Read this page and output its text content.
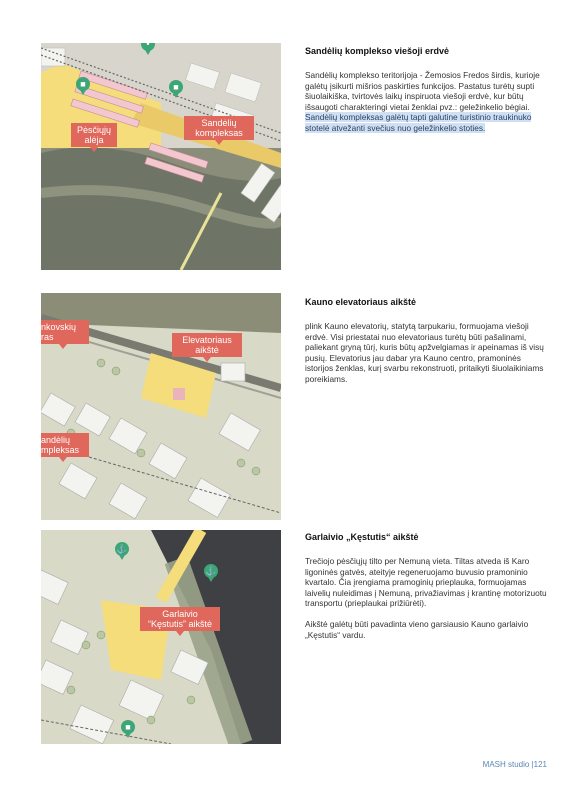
■	■
•
Pėsčiųjų alėja
Sandėlių kompleksas
Sandėlių komplekso viešoji erdvė

Sandėlių komplekso teritorijoja - Žemosios Fredos širdis, kurioje galėtų įsikurti mišrios paskirties funkcijos. Pastatus turėtų supti šiuolaikiška, tvirtovės laikų inspiruota viešoji erdvė, kur būtų išsaugoti charakteringi vietai ženklai pvz.: geležinkelio bėgiai. Sandėlių kompleksas galėtų tapti galutine turistinio traukinuko stotelė atvežanti svečius nuo geležinkelio stoties.

nkovskių ras	Elevatoriaus aikštė
andėlių mpleksas
Kauno elevatoriaus aikštė

plink Kauno elevatorių, statytą tarpukariu, formuojama viešoji erdvė. Visi priestatai nuo elevatoriaus turėtų būti pašalinami, paliekant gryną tūrį, kuris būtų apžvelgiamas ir apeinamas iš visų pusių. Elevatorius jau dabar yra Kauno centro, pramoninės istorijos ženklas, kurį svarbu rekonstruoti, pritaikyti šiuolaikiniams poreikiams.

⚓
⚓
■
Garlaivio “Kęstutis” aikštė
Garlaivio „Kęstutis“ aikštė

Trečiojo pėsčiųjų tilto per Nemuną vieta. Tiltas atveda iš Karo ligoninės gatvės, ateityje regeneruojamo buvusio pramoninio kvartalo. Čia įrengiama pramoginių prieplauka, formuojamas laivelių nuleidimas į Nemuną, privažiavimas į krantinę motorizuotu transportu (prieplaukai prižiūrėti).

Aikštė galėtų būti pavadinta vieno garsiausio Kauno garlaivio „Kęstutis“ vardu.

MASH studio |121
